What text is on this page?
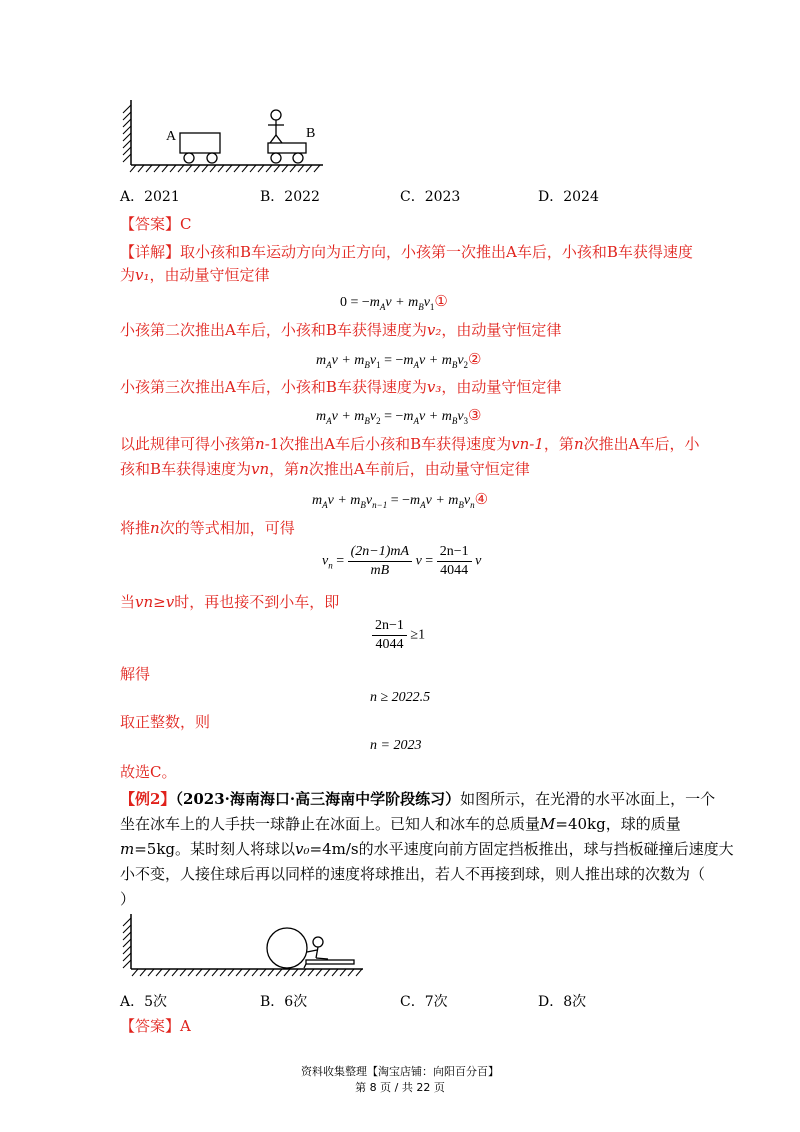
A	B
A．2021	B．2022	C．2023	D．2024
【答案】C
【详解】取小孩和B车运动方向为正方向，小孩第一次推出A车后，小孩和B车获得速度
为v₁，由动量守恒定律
$0 = -m_Av$ + $m_Bv_1①$
小孩第二次推出A车后，小孩和B车获得速度为v₂，由动量守恒定律
$m_Av + m_Bv_1 = -m_Av$ + $m_Bv_2②$
小孩第三次推出A车后，小孩和B车获得速度为v₃，由动量守恒定律
$m_Av + m_Bv_2 = -m_Av$ + $m_Bv_3③$
以此规律可得小孩第n-1次推出A车后小孩和B车获得速度为vn-1，第n次推出A车后，小
孩和B车获得速度为vn，第n次推出A车前后，由动量守恒定律
$m_Av + m_Bv_{n-1} = -m_Av$ + $m_Bv_n④$
将推n次的等式相加，可得
$v_n = \frac{(2n-1)mA}{mB}$ $v = \frac{2n-1}{4044}$ v
当vn≥v时，再也接不到小车，即
$\frac{2n-1}{4044} \ge 1$
解得
n ≥ 2022.5
取正整数，则
n = 2023
故选C。
【例2】（2023·海南海口·高三海南中学阶段练习）如图所示，在光滑的水平冰面上，一个
坐在冰车上的人手扶一球静止在冰面上。已知人和冰车的总质量M=40kg，球的质量
m=5kg。某时刻人将球以v₀=4m/s的水平速度向前方固定挡板推出，球与挡板碰撞后速度大
小不变，人接住球后再以同样的速度将球推出，若人不再接到球，则人推出球的次数为（
）
A．5次	B．6次	C．7次	D．8次
【答案】A
资料收集整理【淘宝店铺：向阳百分百】
第 8 页 / 共 22 页
